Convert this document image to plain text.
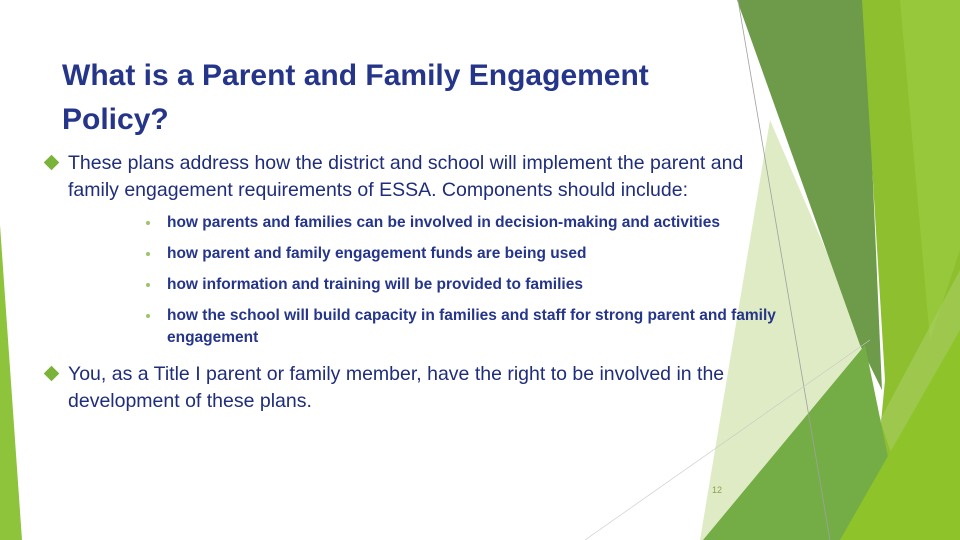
What is a Parent and Family Engagement Policy?
These plans address how the district and school will implement the parent and family engagement requirements of ESSA. Components should include:
how parents and families can be involved in decision-making and activities
how parent and family engagement funds are being used
how information and training will be provided to families
how the school will build capacity in families and staff for strong parent and family engagement
You, as a Title I parent or family member, have the right to be involved in the development of these plans.
12
